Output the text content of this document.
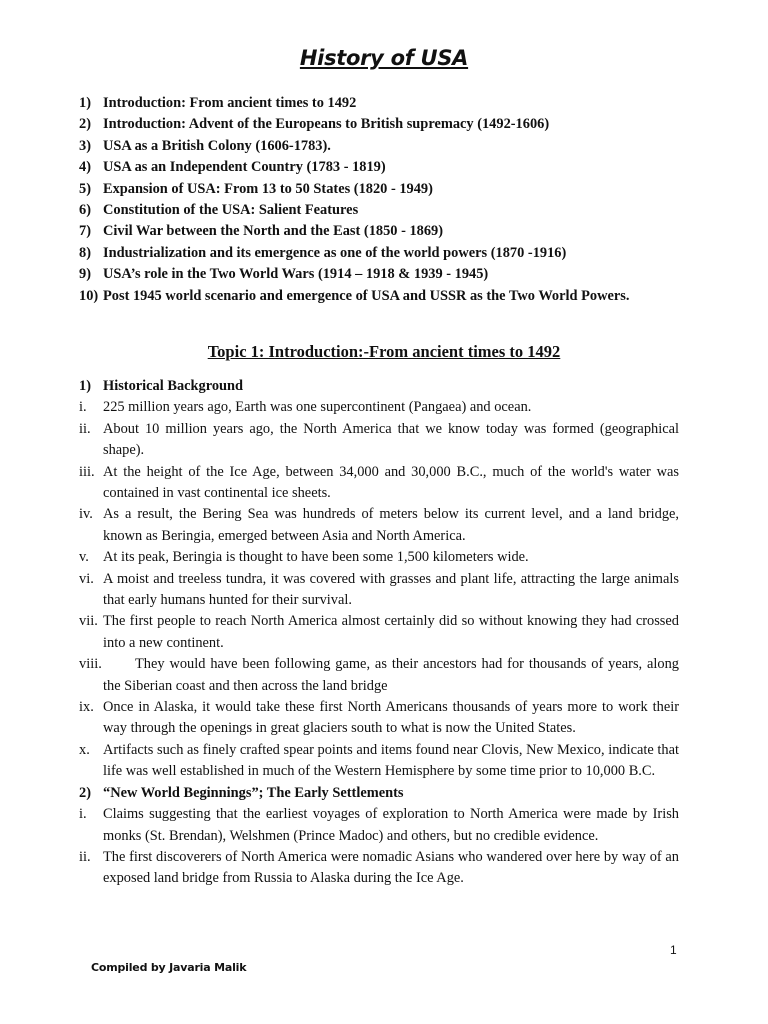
History of USA
1) Introduction: From ancient times to 1492
2) Introduction: Advent of the Europeans to British supremacy (1492-1606)
3) USA as a British Colony (1606-1783).
4) USA as an Independent Country (1783 - 1819)
5) Expansion of USA: From 13 to 50 States (1820 - 1949)
6) Constitution of the USA: Salient Features
7) Civil War between the North and the East (1850 - 1869)
8) Industrialization and its emergence as one of the world powers (1870 -1916)
9) USA’s role in the Two World Wars (1914 – 1918 & 1939 - 1945)
10) Post 1945 world scenario and emergence of USA and USSR as the Two World Powers.
Topic 1: Introduction:-From ancient times to 1492
1) Historical Background
i. 225 million years ago, Earth was one supercontinent (Pangaea) and ocean.
ii. About 10 million years ago, the North America that we know today was formed (geographical shape).
iii. At the height of the Ice Age, between 34,000 and 30,000 B.C., much of the world's water was contained in vast continental ice sheets.
iv. As a result, the Bering Sea was hundreds of meters below its current level, and a land bridge, known as Beringia, emerged between Asia and North America.
v. At its peak, Beringia is thought to have been some 1,500 kilometers wide.
vi. A moist and treeless tundra, it was covered with grasses and plant life, attracting the large animals that early humans hunted for their survival.
vii. The first people to reach North America almost certainly did so without knowing they had crossed into a new continent.
viii.	They would have been following game, as their ancestors had for thousands of years, along the Siberian coast and then across the land bridge
ix. Once in Alaska, it would take these first North Americans thousands of years more to work their way through the openings in great glaciers south to what is now the United States.
x. Artifacts such as finely crafted spear points and items found near Clovis, New Mexico, indicate that life was well established in much of the Western Hemisphere by some time prior to 10,000 B.C.
2) “New World Beginnings”; The Early Settlements
i. Claims suggesting that the earliest voyages of exploration to North America were made by Irish monks (St. Brendan), Welshmen (Prince Madoc) and others, but no credible evidence.
ii. The first discoverers of North America were nomadic Asians who wandered over here by way of an exposed land bridge from Russia to Alaska during the Ice Age.
1
Compiled by Javaria Malik
